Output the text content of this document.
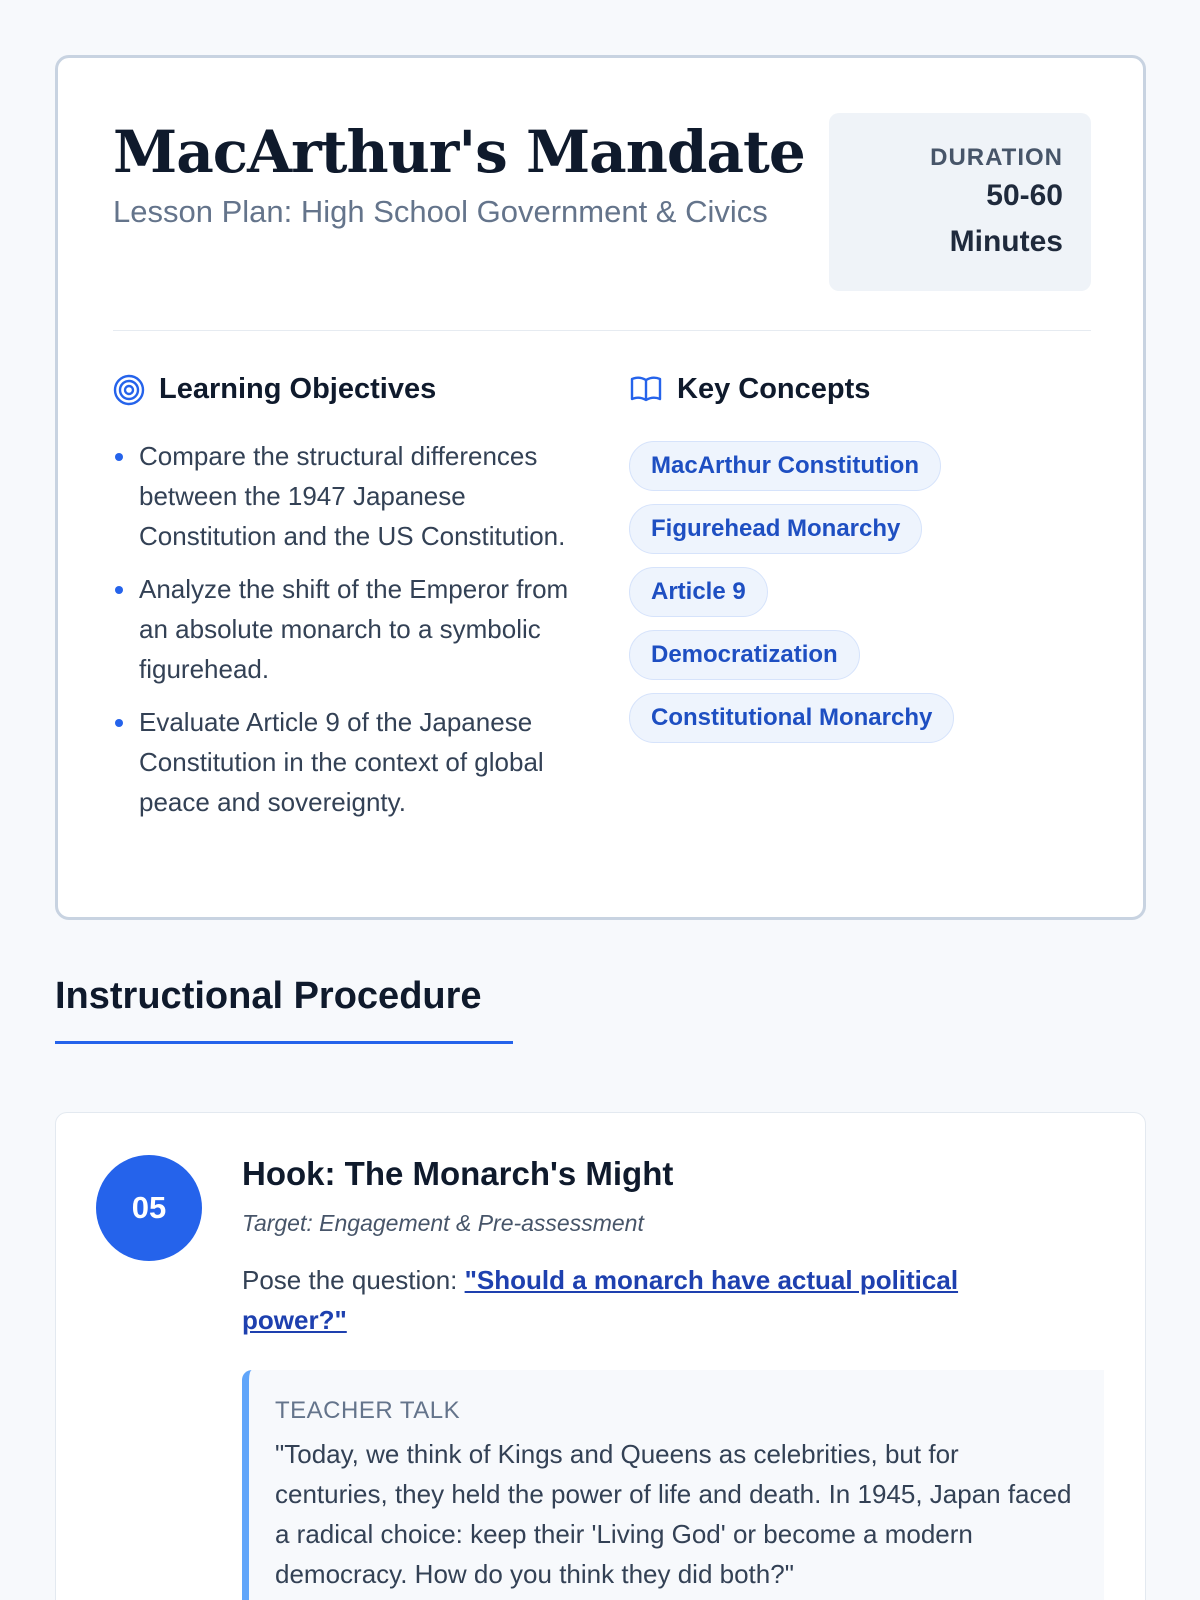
MacArthur's Mandate
Lesson Plan: High School Government & Civics
DURATION
50-60
Minutes
Learning Objectives
Compare the structural differences between the 1947 Japanese Constitution and the US Constitution.
Analyze the shift of the Emperor from an absolute monarch to a symbolic figurehead.
Evaluate Article 9 of the Japanese Constitution in the context of global peace and sovereignty.
Key Concepts
MacArthur Constitution
Figurehead Monarchy
Article 9
Democratization
Constitutional Monarchy
Instructional Procedure
05
Hook: The Monarch's Might
Target: Engagement & Pre-assessment

Pose the question: "Should a monarch have actual political power?"

TEACHER TALK

"Today, we think of Kings and Queens as celebrities, but for centuries, they held the power of life and death. In 1945, Japan faced a radical choice: keep their 'Living God' or become a modern democracy. How do you think they did both?"
